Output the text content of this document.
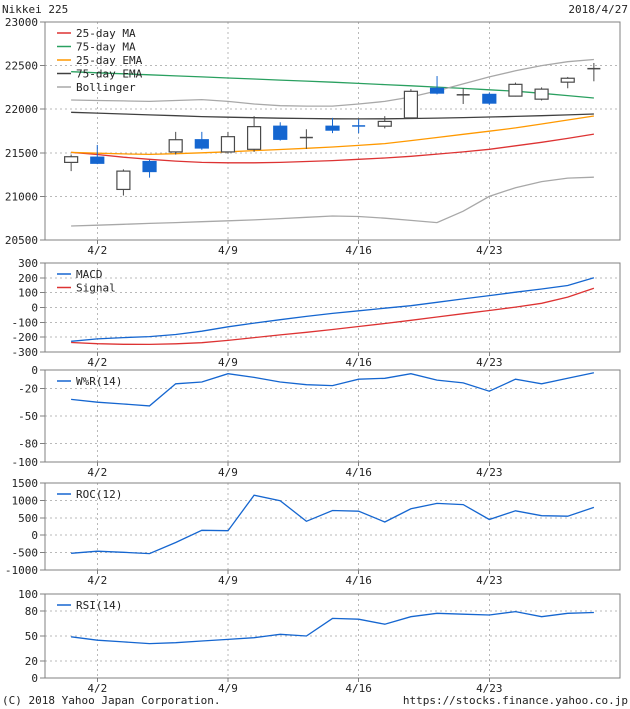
23000
22500
22000
21500
21000
20500
4/2	4/9	4/16	4/23
25-day MA
75-day MA
25-day EMA
75-day EMA
Bollinger
300
200
100
0
-100
-200
-300
4/2	4/9	4/16	4/23
MACD
Signal
0
-20
-50
-80
-100
4/2	4/9	4/16	4/23
W%R(14)
1500
1000
500
0
-500
-1000
4/2	4/9	4/16	4/23
ROC(12)
100
80
50
20
0
4/2	4/9	4/16	4/23
RSI(14)
Nikkei 225	2018/4/27
(C) 2018 Yahoo Japan Corporation.	https://stocks.finance.yahoo.co.jp
